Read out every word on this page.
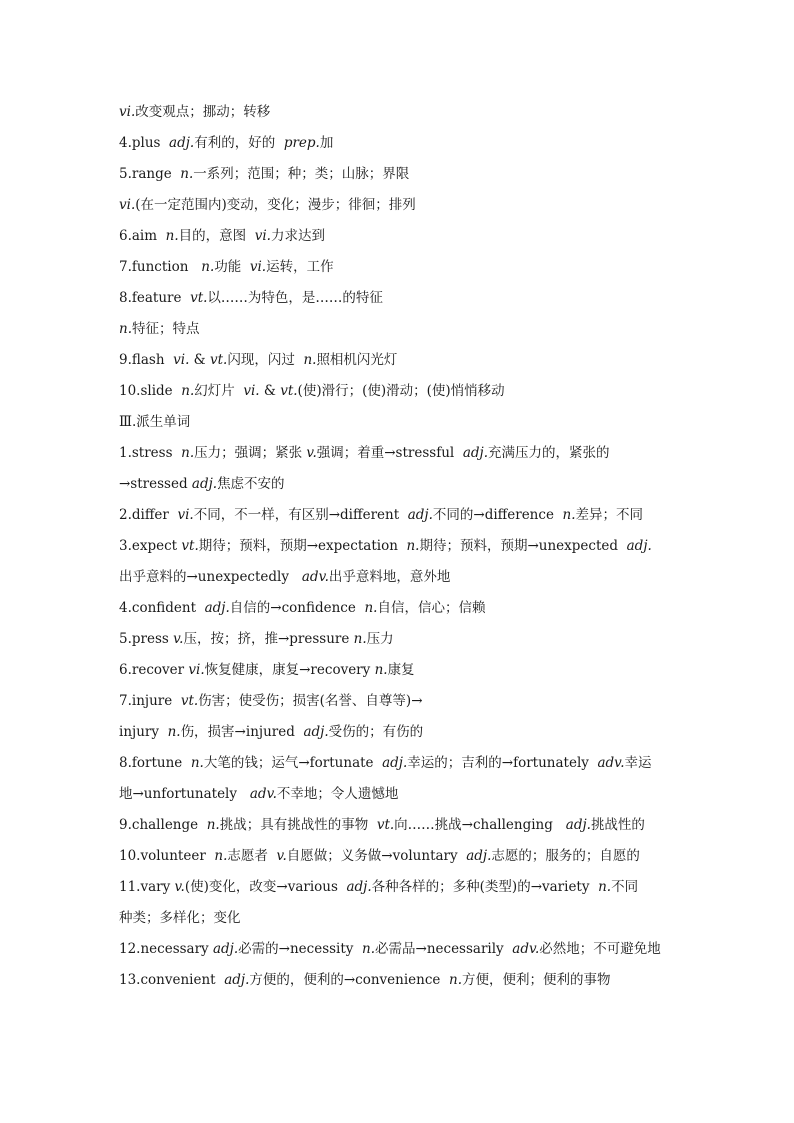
vi.改变观点；挪动；转移
4.plus  adj.有利的，好的  prep.加
5.range  n.一系列；范围；种；类；山脉；界限
vi.(在一定范围内)变动，变化；漫步；徘徊；排列
6.aim  n.目的，意图  vi.力求达到
7.function   n.功能  vi.运转，工作
8.feature  vt.以……为特色，是……的特征
n.特征；特点
9.flash  vi. & vt.闪现，闪过  n.照相机闪光灯
10.slide  n.幻灯片  vi. & vt.(使)滑行；(使)滑动；(使)悄悄移动
Ⅲ.派生单词
1.stress  n.压力；强调；紧张 v.强调；着重→stressful  adj.充满压力的，紧张的
→stressed adj.焦虑不安的
2.differ  vi.不同，不一样，有区别→different  adj.不同的→difference  n.差异；不同
3.expect vt.期待；预料，预期→expectation  n.期待；预料，预期→unexpected  adj.
出乎意料的→unexpectedly   adv.出乎意料地，意外地
4.confident  adj.自信的→confidence  n.自信，信心；信赖
5.press v.压，按；挤，推→pressure n.压力
6.recover vi.恢复健康，康复→recovery n.康复
7.injure  vt.伤害；使受伤；损害(名誉、自尊等)→
injury  n.伤，损害→injured  adj.受伤的；有伤的
8.fortune  n.大笔的钱；运气→fortunate  adj.幸运的；吉利的→fortunately  adv.幸运
地→unfortunately   adv.不幸地；令人遗憾地
9.challenge  n.挑战；具有挑战性的事物  vt.向……挑战→challenging   adj.挑战性的
10.volunteer  n.志愿者  v.自愿做；义务做→voluntary  adj.志愿的；服务的；自愿的
11.vary v.(使)变化，改变→various  adj.各种各样的；多种(类型)的→variety  n.不同
种类；多样化；变化
12.necessary adj.必需的→necessity  n.必需品→necessarily  adv.必然地；不可避免地
13.convenient  adj.方便的，便利的→convenience  n.方便，便利；便利的事物
